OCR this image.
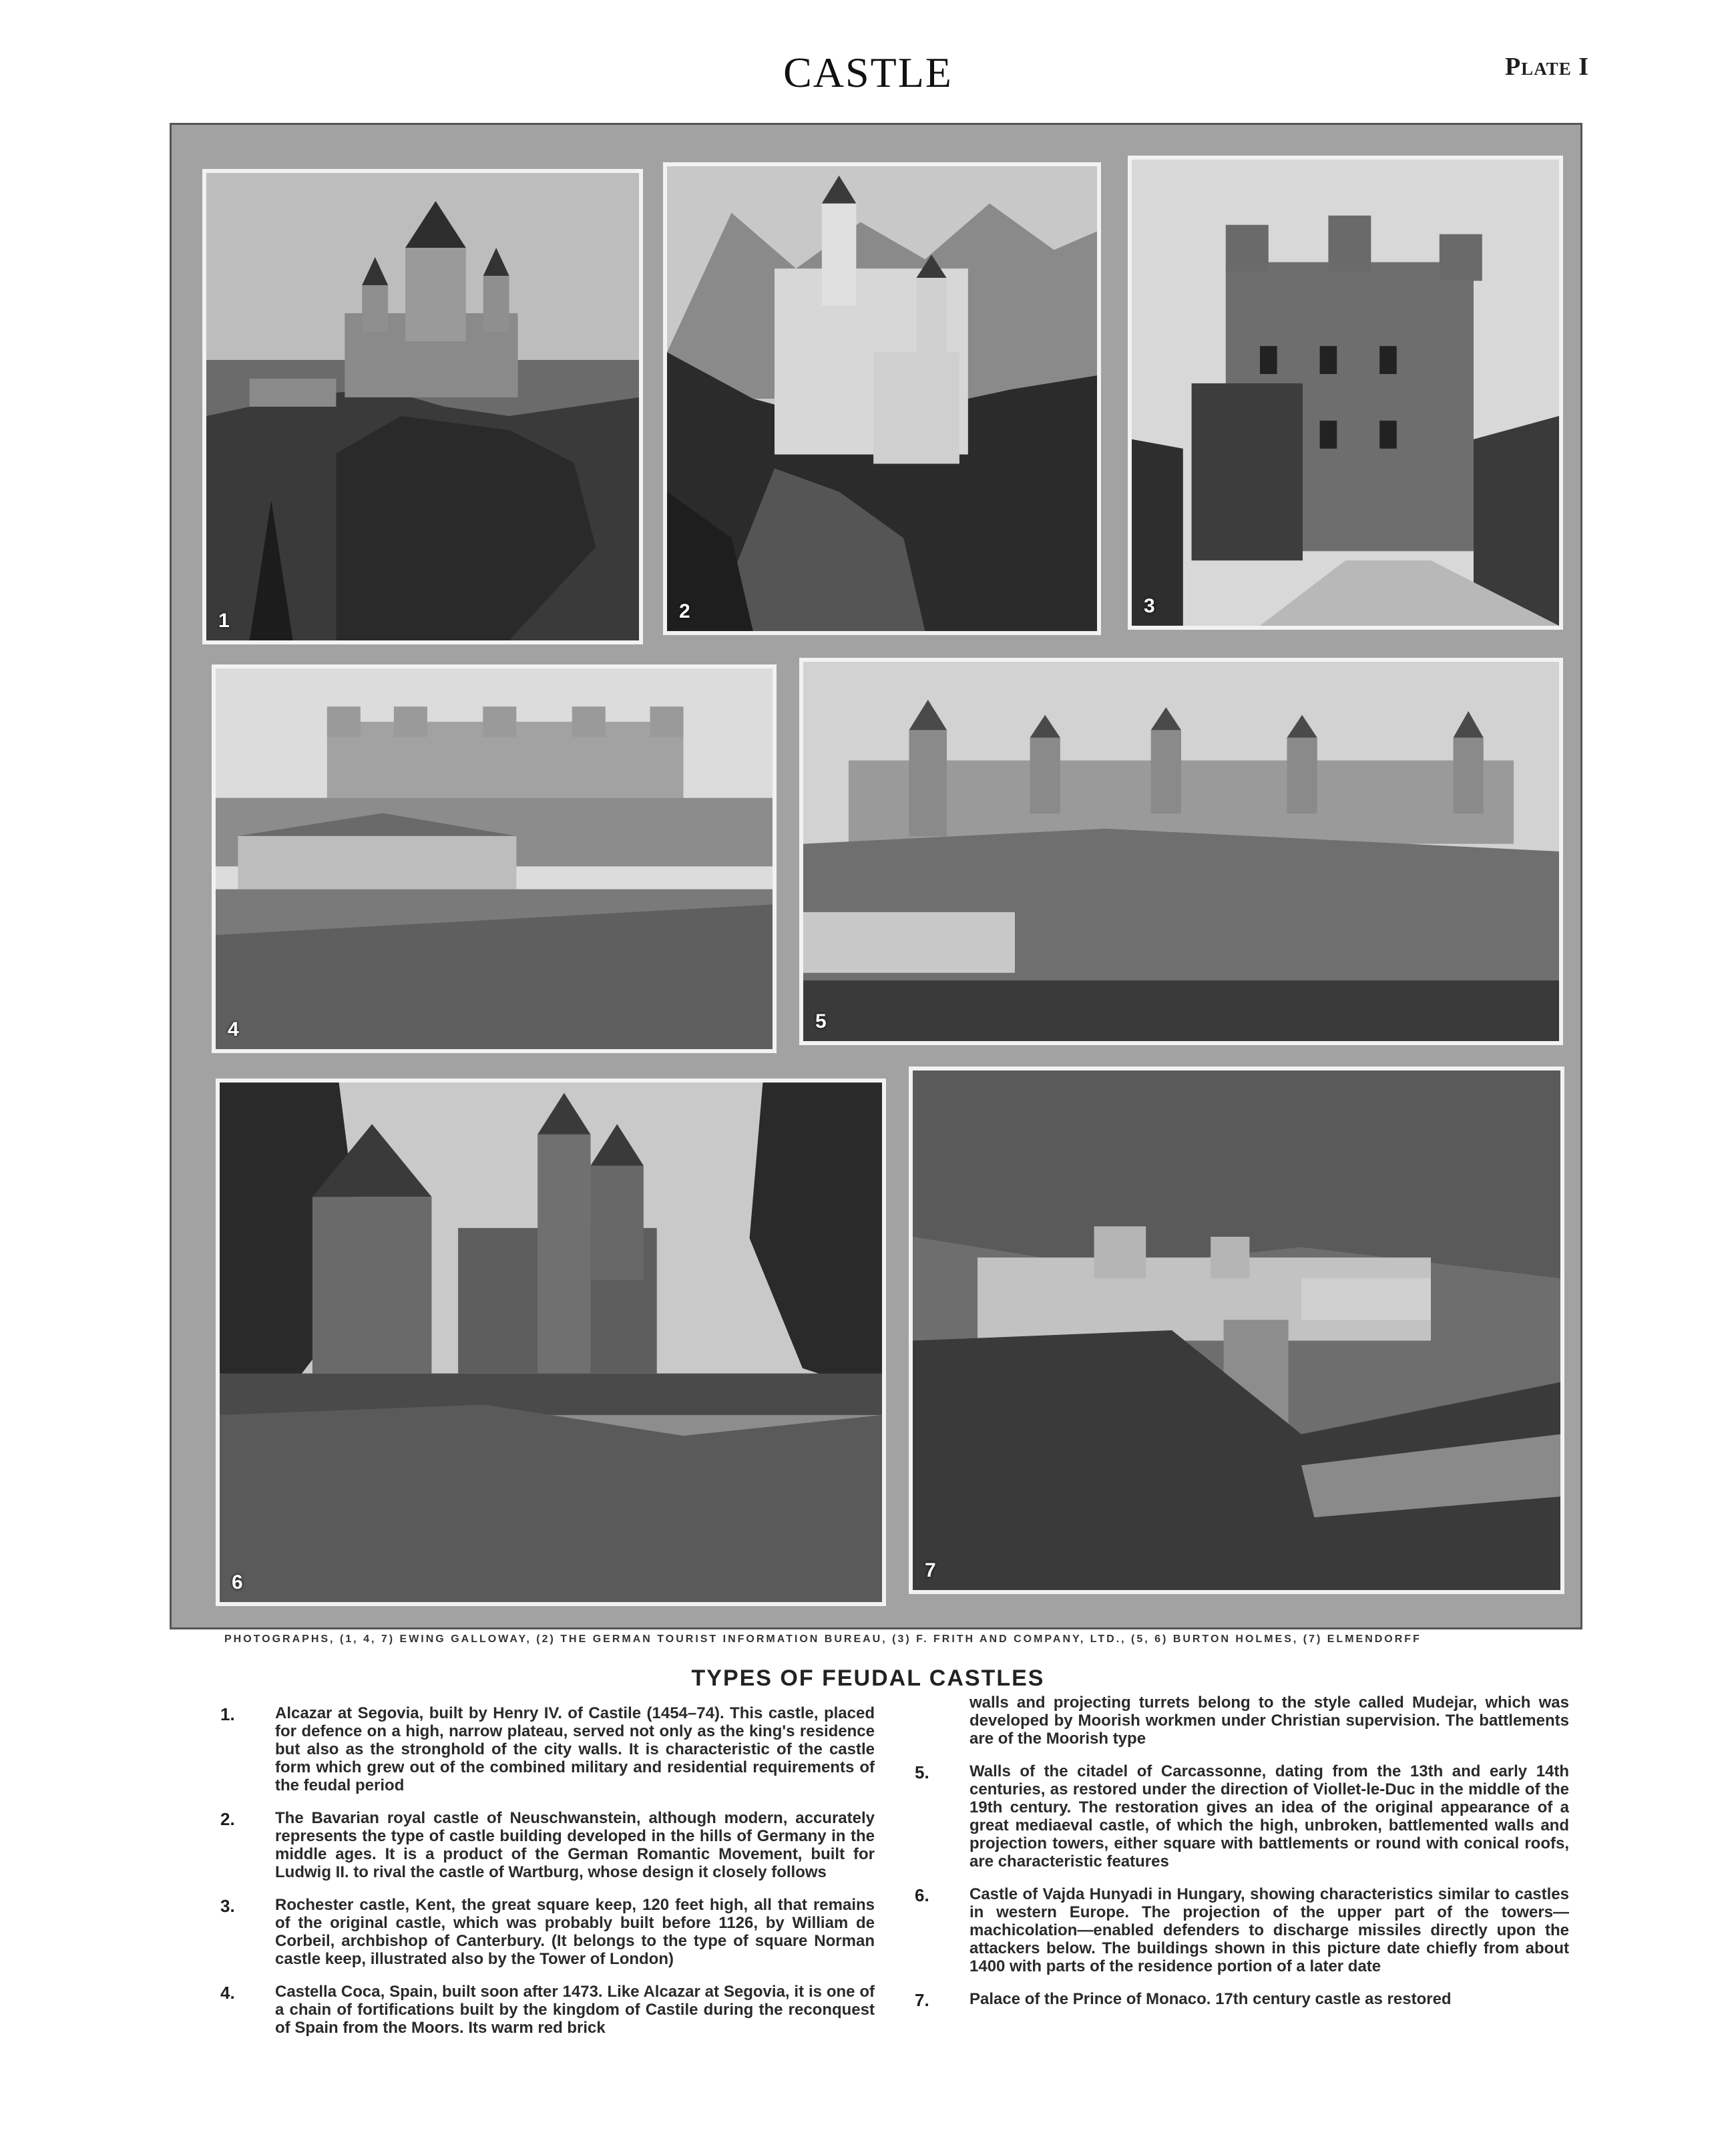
CASTLE	Plate I
1	2	3
4	5
6
7
PHOTOGRAPHS, (1, 4, 7) EWING GALLOWAY, (2) THE GERMAN TOURIST INFORMATION BUREAU, (3) F. FRITH AND COMPANY, LTD., (5, 6) BURTON HOLMES, (7) ELMENDORFF
TYPES OF FEUDAL CASTLES
1.	Alcazar at Segovia, built by Henry IV. of Castile (1454–74). This castle, placed for defence on a high, narrow plateau, served not only as the king's residence but also as the stronghold of the city walls. It is characteristic of the castle form which grew out of the combined military and residential requirements of the feudal period
2.	The Bavarian royal castle of Neuschwanstein, although modern, accurately represents the type of castle building developed in the hills of Germany in the middle ages. It is a product of the German Romantic Movement, built for Ludwig II. to rival the castle of Wartburg, whose design it closely follows
3.	Rochester castle, Kent, the great square keep, 120 feet high, all that remains of the original castle, which was probably built before 1126, by William de Corbeil, archbishop of Canterbury. (It belongs to the type of square Norman castle keep, illustrated also by the Tower of London)
4.	Castella Coca, Spain, built soon after 1473. Like Alcazar at Segovia, it is one of a chain of fortifications built by the kingdom of Castile during the reconquest of Spain from the Moors. Its warm red brick
walls and projecting turrets belong to the style called Mudejar, which was developed by Moorish workmen under Christian supervision. The battlements are of the Moorish type
5.	Walls of the citadel of Carcassonne, dating from the 13th and early 14th centuries, as restored under the direction of Viollet-le-Duc in the middle of the 19th century. The restoration gives an idea of the original appearance of a great mediaeval castle, of which the high, unbroken, battlemented walls and projection towers, either square with battlements or round with conical roofs, are characteristic features
6.	Castle of Vajda Hunyadi in Hungary, showing characteristics similar to castles in western Europe. The projection of the upper part of the towers—machicolation—enabled defenders to discharge missiles directly upon the attackers below. The buildings shown in this picture date chiefly from about 1400 with parts of the residence portion of a later date
7.	Palace of the Prince of Monaco. 17th century castle as restored
